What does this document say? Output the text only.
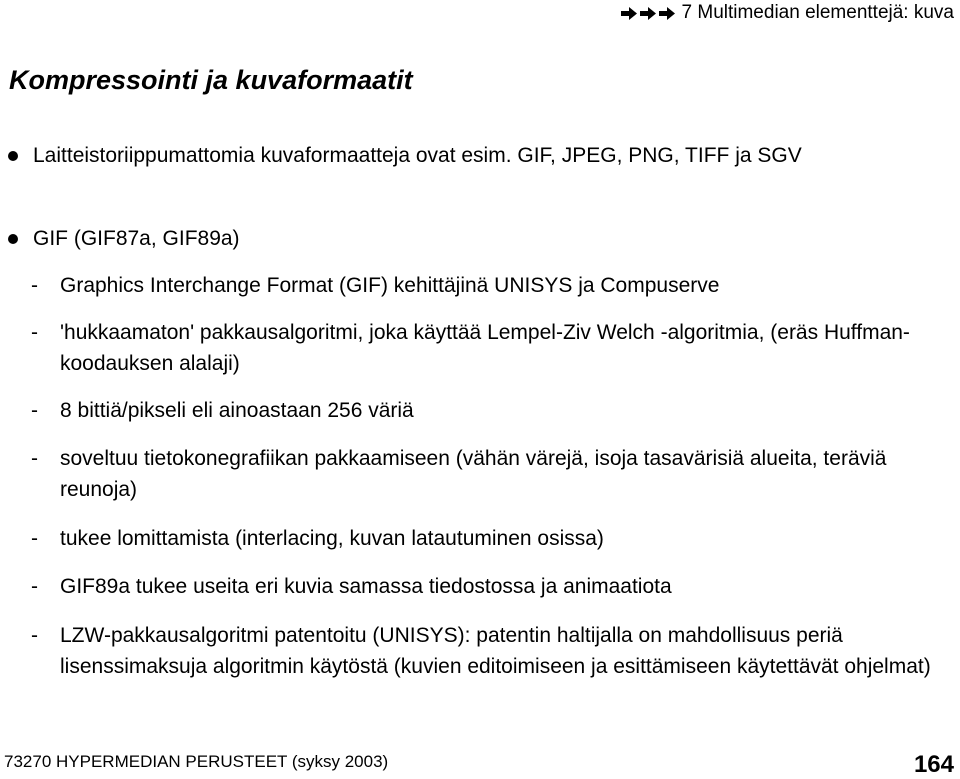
7 Multimedian elementtejä: kuva
Kompressointi ja kuvaformaatit
Laitteistoriippumattomia kuvaformaatteja ovat esim. GIF, JPEG, PNG, TIFF ja SGV
GIF (GIF87a, GIF89a)
- Graphics Interchange Format (GIF) kehittäjinä UNISYS ja Compuserve
- 'hukkaamaton' pakkausalgoritmi, joka käyttää Lempel-Ziv Welch -algoritmia, (eräs Huffman-koodauksen alalaji)
- 8 bittiä/pikseli eli ainoastaan 256 väriä
- soveltuu tietokonegrafiikan pakkaamiseen (vähän värejä, isoja tasavärisiä alueita, teräviä reunoja)
- tukee lomittamista (interlacing, kuvan latautuminen osissa)
- GIF89a tukee useita eri kuvia samassa tiedostossa ja animaatiota
- LZW-pakkausalgoritmi patentoitu (UNISYS): patentin haltijalla on mahdollisuus periä lisenssimaksuja algoritmin käytöstä (kuvien editoimiseen ja esittämiseen käytettävät ohjelmat)
73270 HYPERMEDIAN PERUSTEET (syksy 2003)	164
